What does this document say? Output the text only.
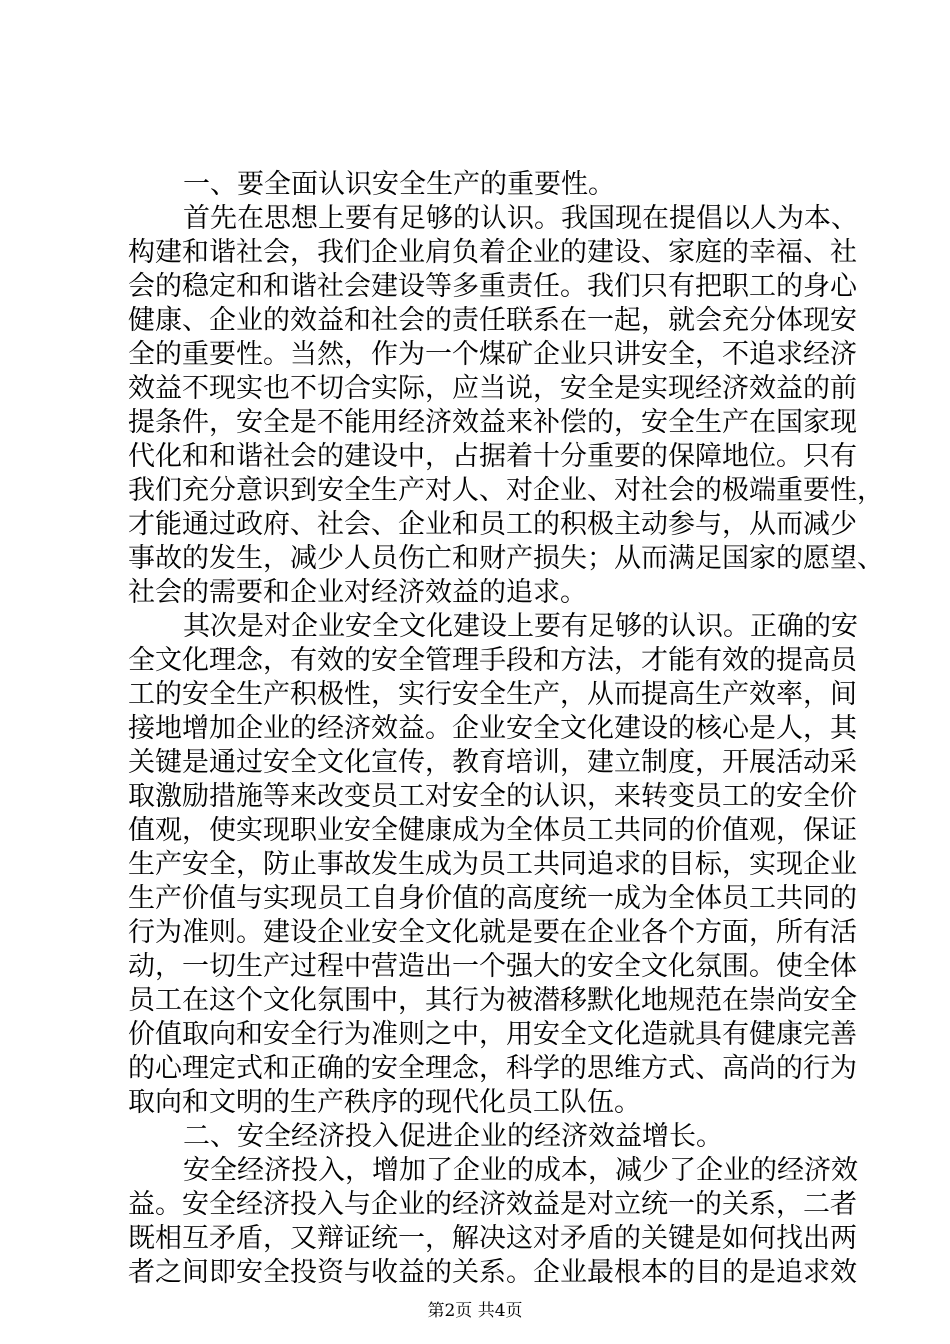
一、要全面认识安全生产的重要性。
首先在思想上要有足够的认识。我国现在提倡以人为本、
构建和谐社会，我们企业肩负着企业的建设、家庭的幸福、社
会的稳定和和谐社会建设等多重责任。我们只有把职工的身心
健康、企业的效益和社会的责任联系在一起，就会充分体现安
全的重要性。当然，作为一个煤矿企业只讲安全，不追求经济
效益不现实也不切合实际，应当说，安全是实现经济效益的前
提条件，安全是不能用经济效益来补偿的，安全生产在国家现
代化和和谐社会的建设中，占据着十分重要的保障地位。只有
我们充分意识到安全生产对人、对企业、对社会的极端重要性，
才能通过政府、社会、企业和员工的积极主动参与，从而减少
事故的发生，减少人员伤亡和财产损失；从而满足国家的愿望、
社会的需要和企业对经济效益的追求。
其次是对企业安全文化建设上要有足够的认识。正确的安
全文化理念，有效的安全管理手段和方法，才能有效的提高员
工的安全生产积极性，实行安全生产，从而提高生产效率，间
接地增加企业的经济效益。企业安全文化建设的核心是人，其
关键是通过安全文化宣传，教育培训，建立制度，开展活动采
取激励措施等来改变员工对安全的认识，来转变员工的安全价
值观，使实现职业安全健康成为全体员工共同的价值观，保证
生产安全，防止事故发生成为员工共同追求的目标，实现企业
生产价值与实现员工自身价值的高度统一成为全体员工共同的
行为准则。建设企业安全文化就是要在企业各个方面，所有活
动，一切生产过程中营造出一个强大的安全文化氛围。使全体
员工在这个文化氛围中，其行为被潜移默化地规范在崇尚安全
价值取向和安全行为准则之中，用安全文化造就具有健康完善
的心理定式和正确的安全理念，科学的思维方式、高尚的行为
取向和文明的生产秩序的现代化员工队伍。
二、安全经济投入促进企业的经济效益增长。
安全经济投入，增加了企业的成本，减少了企业的经济效
益。安全经济投入与企业的经济效益是对立统一的关系，二者
既相互矛盾，又辩证统一，解决这对矛盾的关键是如何找出两
者之间即安全投资与收益的关系。企业最根本的目的是追求效
第2页 共4页
